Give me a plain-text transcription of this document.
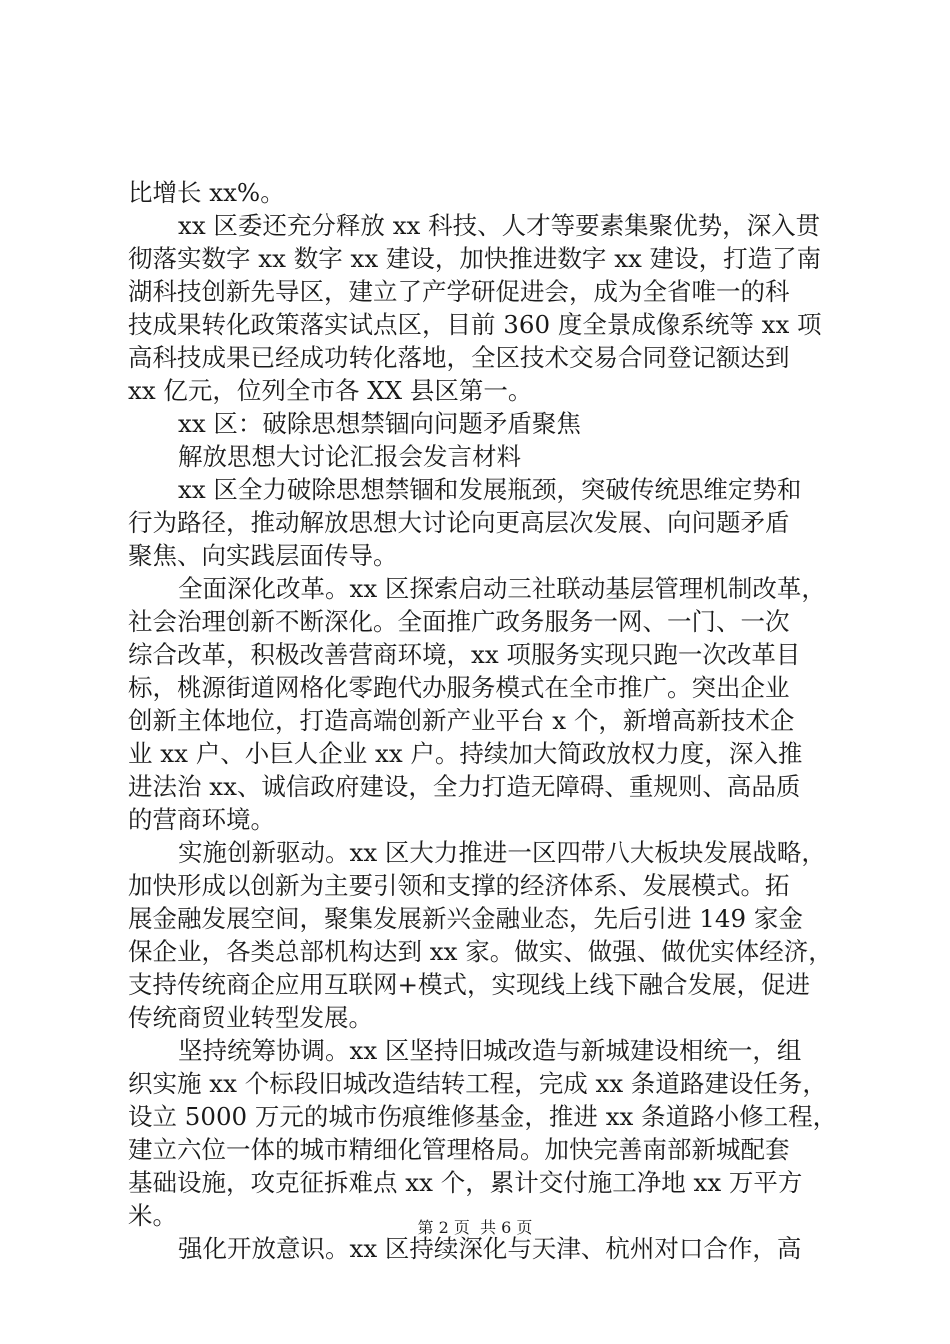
比增长 xx%。
xx 区委还充分释放 xx 科技、人才等要素集聚优势，深入贯
彻落实数字 xx 数字 xx 建设，加快推进数字 xx 建设，打造了南
湖科技创新先导区，建立了产学研促进会，成为全省唯一的科
技成果转化政策落实试点区，目前 360 度全景成像系统等 xx 项
高科技成果已经成功转化落地，全区技术交易合同登记额达到
xx 亿元，位列全市各 XX 县区第一。
xx 区：破除思想禁锢向问题矛盾聚焦
解放思想大讨论汇报会发言材料
xx 区全力破除思想禁锢和发展瓶颈，突破传统思维定势和
行为路径，推动解放思想大讨论向更高层次发展、向问题矛盾
聚焦、向实践层面传导。
全面深化改革。xx 区探索启动三社联动基层管理机制改革，
社会治理创新不断深化。全面推广政务服务一网、一门、一次
综合改革，积极改善营商环境，xx 项服务实现只跑一次改革目
标，桃源街道网格化零跑代办服务模式在全市推广。突出企业
创新主体地位，打造高端创新产业平台 x 个，新增高新技术企
业 xx 户、小巨人企业 xx 户。持续加大简政放权力度，深入推
进法治 xx、诚信政府建设，全力打造无障碍、重规则、高品质
的营商环境。
实施创新驱动。xx 区大力推进一区四带八大板块发展战略，
加快形成以创新为主要引领和支撑的经济体系、发展模式。拓
展金融发展空间，聚集发展新兴金融业态，先后引进 149 家金
保企业，各类总部机构达到 xx 家。做实、做强、做优实体经济，
支持传统商企应用互联网+模式，实现线上线下融合发展，促进
传统商贸业转型发展。
坚持统筹协调。xx 区坚持旧城改造与新城建设相统一，组
织实施 xx 个标段旧城改造结转工程，完成 xx 条道路建设任务，
设立 5000 万元的城市伤痕维修基金，推进 xx 条道路小修工程，
建立六位一体的城市精细化管理格局。加快完善南部新城配套
基础设施，攻克征拆难点 xx 个，累计交付施工净地 xx 万平方
米。
强化开放意识。xx 区持续深化与天津、杭州对口合作，高
第 2 页  共 6 页
